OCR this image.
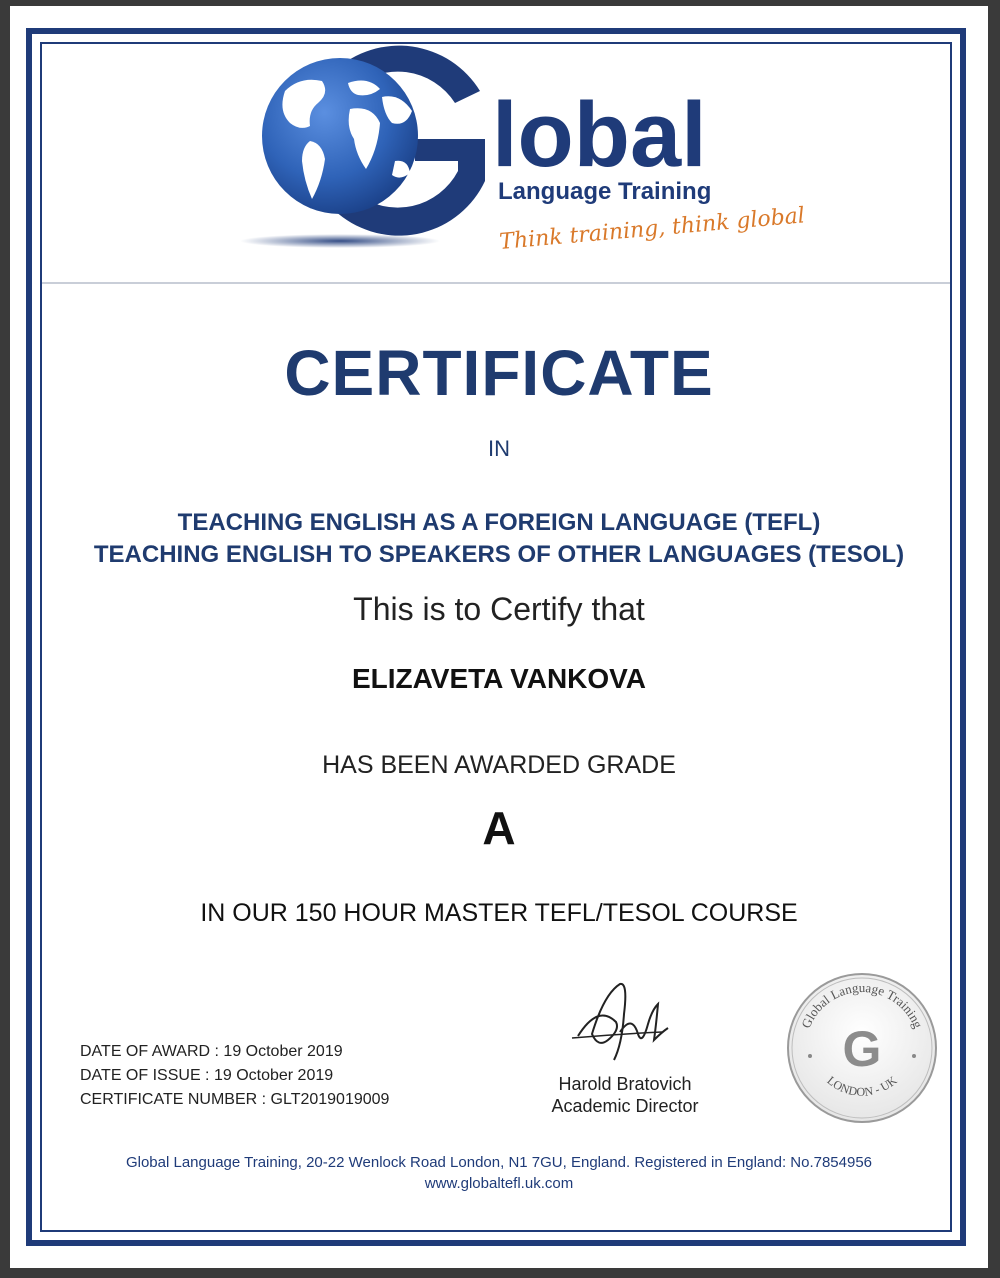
lobal
Language Training
Think training, think global
CERTIFICATE
IN
TEACHING ENGLISH AS A FOREIGN LANGUAGE (TEFL)
TEACHING ENGLISH TO SPEAKERS OF OTHER LANGUAGES (TESOL)
This is to Certify that
ELIZAVETA VANKOVA
HAS BEEN AWARDED GRADE
A
IN OUR 150 HOUR MASTER TEFL/TESOL COURSE
DATE OF AWARD : 19 October 2019
DATE OF ISSUE : 19 October 2019
CERTIFICATE NUMBER : GLT2019019009
Harold Bratovich
Academic Director
Global Language Training
LONDON - UK
G
Global Language Training, 20-22 Wenlock Road London, N1 7GU, England. Registered in England: No.7854956
www.globaltefl.uk.com
